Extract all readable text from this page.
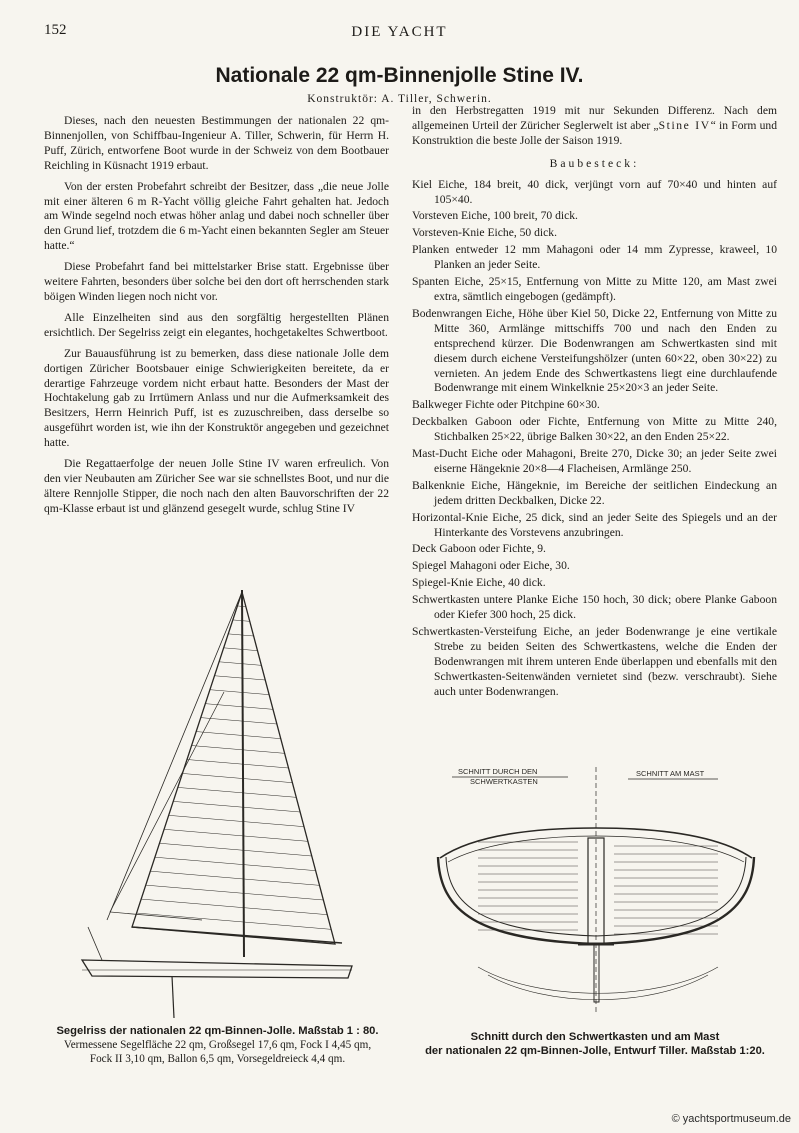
152	DIE YACHT
Nationale 22 qm-Binnenjolle Stine IV.
Konstruktör: A. Tiller, Schwerin.

Dieses, nach den neuesten Bestimmungen der nationalen 22 qm-Binnenjollen, von Schiffbau-Ingenieur A. Tiller, Schwerin, für Herrn H. Puff, Zürich, entworfene Boot wurde in der Schweiz von dem Bootbauer Reichling in Küsnacht 1919 erbaut.

Von der ersten Probefahrt schreibt der Besitzer, dass „die neue Jolle mit einer älteren 6 m R-Yacht völlig gleiche Fahrt gehalten hat. Jedoch am Winde segelnd noch etwas höher anlag und dabei noch schneller über den Grund lief, trotzdem die 6 m-Yacht einen bekannten Segler am Steuer hatte.“

Diese Probefahrt fand bei mittelstarker Brise statt. Ergebnisse über weitere Fahrten, besonders über solche bei den dort oft herrschenden stark böigen Winden liegen noch nicht vor.

Alle Einzelheiten sind aus den sorgfältig hergestellten Plänen ersichtlich. Der Segelriss zeigt ein elegantes, hochgetakeltes Schwertboot.

Zur Bauausführung ist zu bemerken, dass diese nationale Jolle dem dortigen Züricher Bootsbauer einige Schwierigkeiten bereitete, da er derartige Fahrzeuge vordem nicht erbaut hatte. Besonders der Mast der Hochtakelung gab zu Irrtümern Anlass und nur die Aufmerksamkeit des Besitzers, Herrn Heinrich Puff, ist es zuzuschreiben, dass derselbe so ausgeführt worden ist, wie ihn der Konstruktör angegeben und gezeichnet hatte.

Die Regattaerfolge der neuen Jolle Stine IV waren erfreulich. Von den vier Neubauten am Züricher See war sie schnellstes Boot, und nur die ältere Rennjolle Stipper, die noch nach den alten Bauvorschriften der 22 qm-Klasse erbaut ist und glänzend gesegelt wurde, schlug Stine IV

in den Herbstregatten 1919 mit nur Sekunden Differenz. Nach dem allgemeinen Urteil der Züricher Seglerwelt ist aber „Stine IV“ in Form und Konstruktion die beste Jolle der Saison 1919.

Baubesteck:
Kiel Eiche, 184 breit, 40 dick, verjüngt vorn auf 70×40 und hinten auf 105×40.
Vorsteven Eiche, 100 breit, 70 dick.
Vorsteven-Knie Eiche, 50 dick.
Planken entweder 12 mm Mahagoni oder 14 mm Zypresse, kraweel, 10 Planken an jeder Seite.
Spanten Eiche, 25×15, Entfernung von Mitte zu Mitte 120, am Mast zwei extra, sämtlich eingebogen (gedämpft).
Bodenwrangen Eiche, Höhe über Kiel 50, Dicke 22, Entfernung von Mitte zu Mitte 360, Armlänge mittschiffs 700 und nach den Enden zu entsprechend kürzer. Die Bodenwrangen am Schwertkasten sind mit diesem durch eichene Versteifungshölzer (unten 60×22, oben 30×22) zu vernieten. An jedem Ende des Schwertkastens liegt eine durchlaufende Bodenwrange mit einem Winkelknie 25×20×3 an jeder Seite.
Balkweger Fichte oder Pitchpine 60×30.
Deckbalken Gaboon oder Fichte, Entfernung von Mitte zu Mitte 240, Stichbalken 25×22, übrige Balken 30×22, an den Enden 25×22.
Mast-Ducht Eiche oder Mahagoni, Breite 270, Dicke 30; an jeder Seite zwei eiserne Hängeknie 20×8—4 Flacheisen, Armlänge 250.
Balkenknie Eiche, Hängeknie, im Bereiche der seitlichen Eindeckung an jedem dritten Deckbalken, Dicke 22.
Horizontal-Knie Eiche, 25 dick, sind an jeder Seite des Spiegels und an der Hinterkante des Vorstevens anzubringen.
Deck Gaboon oder Fichte, 9.
Spiegel Mahagoni oder Eiche, 30.
Spiegel-Knie Eiche, 40 dick.
Schwertkasten untere Planke Eiche 150 hoch, 30 dick; obere Planke Gaboon oder Kiefer 300 hoch, 25 dick.
Schwertkasten-Versteifung Eiche, an jeder Bodenwrange je eine vertikale Strebe zu beiden Seiten des Schwertkastens, welche die Enden der Bodenwrangen mit ihrem unteren Ende überlappen und ebenfalls mit den Schwertkasten-Seitenwänden vernietet sind (bezw. verschraubt). Siehe auch unter Bodenwrangen.
SCHNITT DURCH DEN
SCHWERTKASTEN
SCHNITT AM MAST
Segelriss der nationalen 22 qm-Binnen-Jolle. Maßstab 1 : 80.
Vermessene Segelfläche 22 qm, Großsegel 17,6 qm, Fock I 4,45 qm,
Fock II 3,10 qm, Ballon 6,5 qm, Vorsegeldreieck 4,4 qm.
Schnitt durch den Schwertkasten und am Mast
der nationalen 22 qm-Binnen-Jolle, Entwurf Tiller. Maßstab 1:20.
© yachtsportmuseum.de
